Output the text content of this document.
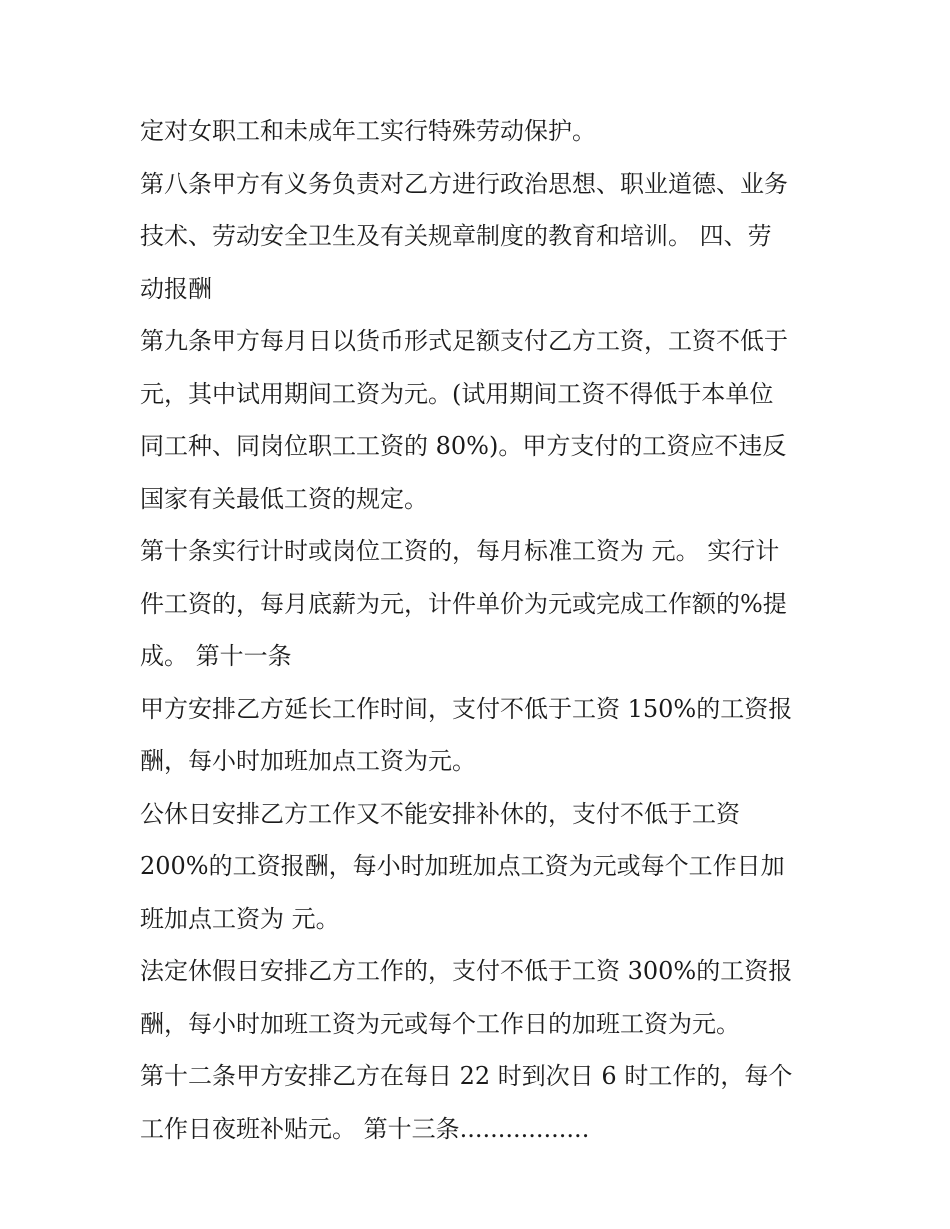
定对女职工和未成年工实行特殊劳动保护。
第八条甲方有义务负责对乙方进行政治思想、职业道德、业务
技术、劳动安全卫生及有关规章制度的教育和培训。 四、劳
动报酬
第九条甲方每月日以货币形式足额支付乙方工资，工资不低于
元，其中试用期间工资为元。(试用期间工资不得低于本单位
同工种、同岗位职工工资的 80%)。甲方支付的工资应不违反
国家有关最低工资的规定。
第十条实行计时或岗位工资的，每月标准工资为 元。 实行计
件工资的，每月底薪为元，计件单价为元或完成工作额的%提
成。 第十一条
甲方安排乙方延长工作时间，支付不低于工资 150%的工资报
酬，每小时加班加点工资为元。
公休日安排乙方工作又不能安排补休的，支付不低于工资
200%的工资报酬，每小时加班加点工资为元或每个工作日加
班加点工资为 元。
法定休假日安排乙方工作的，支付不低于工资 300%的工资报
酬，每小时加班工资为元或每个工作日的加班工资为元。
第十二条甲方安排乙方在每日 22 时到次日 6 时工作的，每个
工作日夜班补贴元。 第十三条.................
